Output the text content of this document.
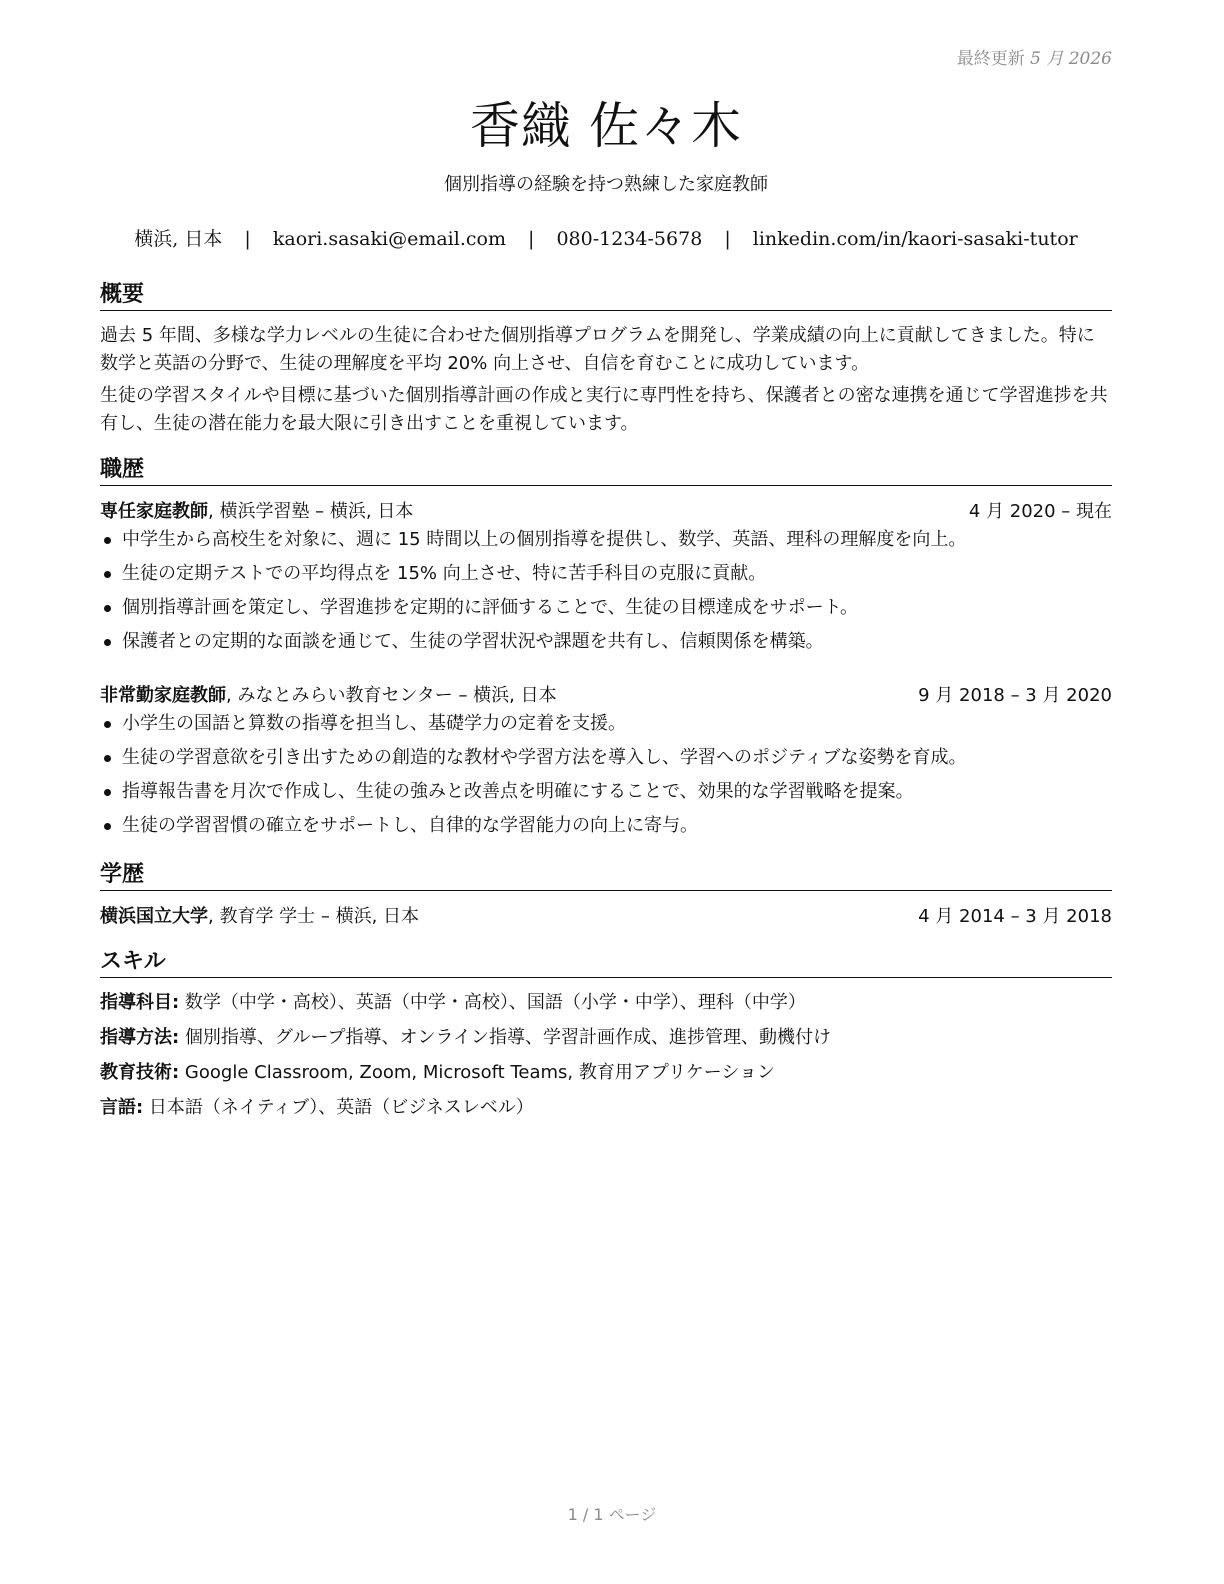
最終更新 5 月 2026
香織 佐々木
個別指導の経験を持つ熟練した家庭教師
横浜, 日本 | kaori.sasaki@email.com | 080-1234-5678 | linkedin.com/in/kaori-sasaki-tutor
概要
過去 5 年間、多様な学力レベルの生徒に合わせた個別指導プログラムを開発し、学業成績の向上に貢献してきました。特に数学と英語の分野で、生徒の理解度を平均 20% 向上させ、自信を育むことに成功しています。
生徒の学習スタイルや目標に基づいた個別指導計画の作成と実行に専門性を持ち、保護者との密な連携を通じて学習進捗を共有し、生徒の潜在能力を最大限に引き出すことを重視しています。
職歴
専任家庭教師, 横浜学習塾 – 横浜, 日本	4 月 2020 – 現在
中学生から高校生を対象に、週に 15 時間以上の個別指導を提供し、数学、英語、理科の理解度を向上。
生徒の定期テストでの平均得点を 15% 向上させ、特に苦手科目の克服に貢献。
個別指導計画を策定し、学習進捗を定期的に評価することで、生徒の目標達成をサポート。
保護者との定期的な面談を通じて、生徒の学習状況や課題を共有し、信頼関係を構築。
非常勤家庭教師, みなとみらい教育センター – 横浜, 日本	9 月 2018 – 3 月 2020
小学生の国語と算数の指導を担当し、基礎学力の定着を支援。
生徒の学習意欲を引き出すための創造的な教材や学習方法を導入し、学習へのポジティブな姿勢を育成。
指導報告書を月次で作成し、生徒の強みと改善点を明確にすることで、効果的な学習戦略を提案。
生徒の学習習慣の確立をサポートし、自律的な学習能力の向上に寄与。
学歴
横浜国立大学, 教育学 学士 – 横浜, 日本	4 月 2014 – 3 月 2018
スキル
指導科目: 数学（中学・高校）、英語（中学・高校）、国語（小学・中学）、理科（中学）
指導方法: 個別指導、グループ指導、オンライン指導、学習計画作成、進捗管理、動機付け
教育技術: Google Classroom, Zoom, Microsoft Teams, 教育用アプリケーション
言語: 日本語（ネイティブ）、英語（ビジネスレベル）
1 / 1 ページ
